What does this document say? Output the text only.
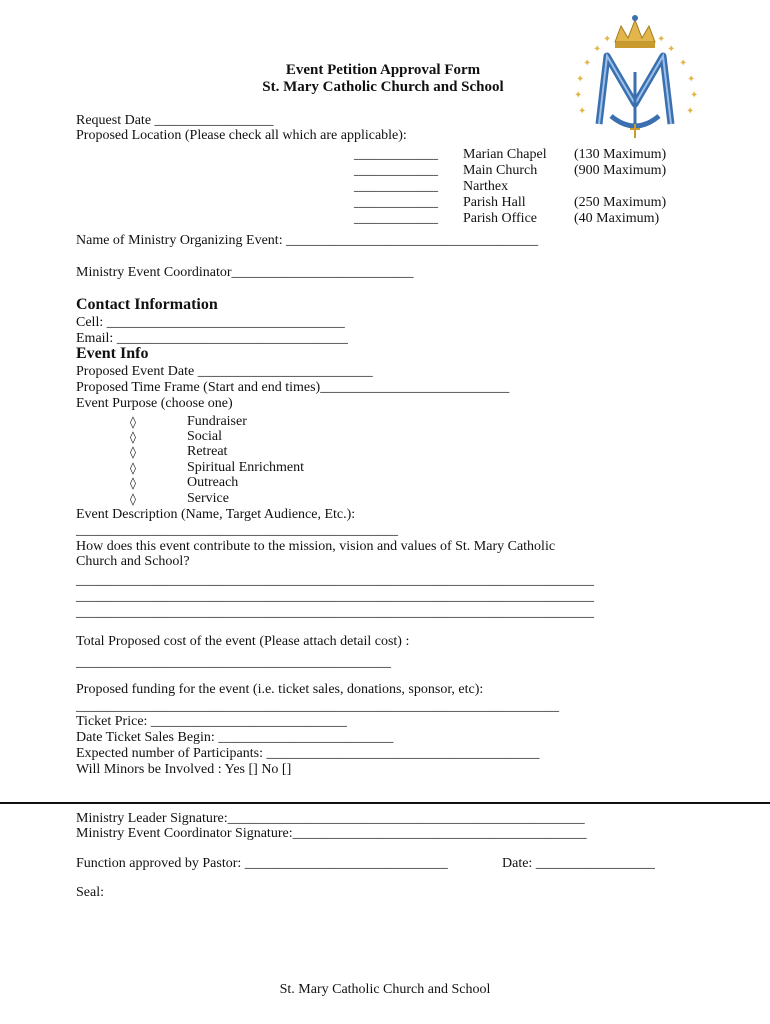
Event Petition Approval Form
St. Mary Catholic Church and School
✦	✦
✦	✦
✦	✦
✦	✦
✦	✦
✦	✦
Request Date _________________
Proposed Location (Please check all which are applicable):
____________ Marian Chapel (130 Maximum)
____________ Main Church	(900 Maximum)
____________ Narthex
____________ Parish Hall	(250 Maximum)
____________ Parish Office	(40 Maximum)
Name of Ministry Organizing Event: ____________________________________
Ministry Event Coordinator__________________________
Contact Information
Cell: __________________________________
Email: _________________________________
Event Info
Proposed Event Date _________________________
Proposed Time Frame (Start and end times)___________________________
Event Purpose (choose one)
◊	Fundraiser
◊	Social
◊	Retreat
◊	Spiritual Enrichment
◊	Outreach
◊	Service
Event Description (Name, Target Audience, Etc.):
______________________________________________
How does this event contribute to the mission, vision and values of St. Mary Catholic
Church and School?
__________________________________________________________________________
__________________________________________________________________________
__________________________________________________________________________
Total Proposed cost of the event (Please attach detail cost) :
_____________________________________________
Proposed funding for the event (i.e. ticket sales, donations, sponsor, etc):
_____________________________________________________________________
Ticket Price: ____________________________
Date Ticket Sales Begin: _________________________
Expected number of Participants: _______________________________________
Will Minors be Involved : Yes [] No []
Ministry Leader Signature:___________________________________________________
Ministry Event Coordinator Signature:__________________________________________
Function approved by Pastor: _____________________________	Date: _________________
Seal:
St. Mary Catholic Church and School
